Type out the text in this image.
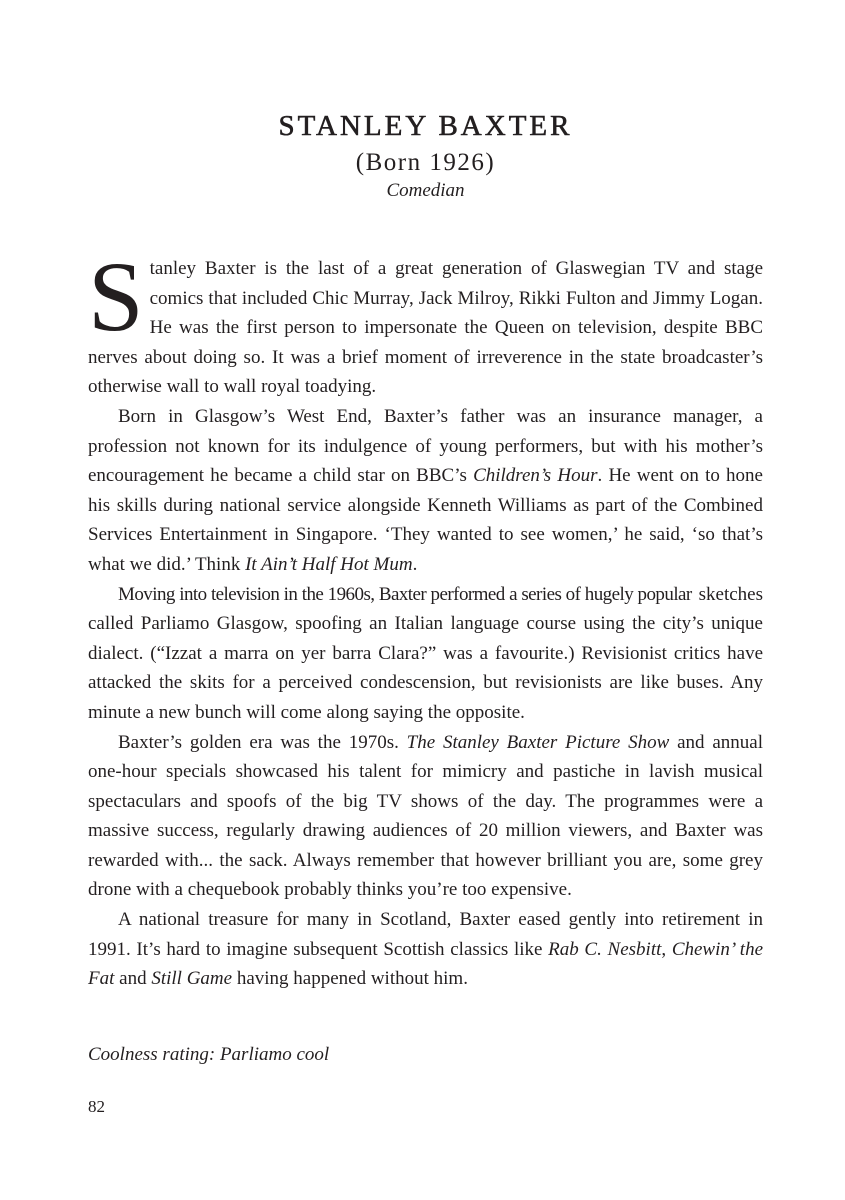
STANLEY BAXTER
(Born 1926)
Comedian

Stanley Baxter is the last of a great generation of Glaswegian TV and stage comics that included Chic Murray, Jack Milroy, Rikki Fulton and Jimmy Logan. He was the first person to impersonate the Queen on television, despite BBC nerves about doing so. It was a brief moment of irreverence in the state broadcaster’s otherwise wall to wall royal toadying.

Born in Glasgow’s West End, Baxter’s father was an insurance manager, a profession not known for its indulgence of young performers, but with his mother’s encouragement he became a child star on BBC’s Children’s Hour. He went on to hone his skills during national service alongside Kenneth Williams as part of the Combined Services Entertainment in Singapore. ‘They wanted to see women,’ he said, ‘so that’s what we did.’ Think It Ain’t Half Hot Mum.

Moving into television in the 1960s, Baxter performed a series of hugely popular sketches called Parliamo Glasgow, spoofing an Italian language course using the city’s unique dialect. (“Izzat a marra on yer barra Clara?” was a favourite.) Revisionist critics have attacked the skits for a perceived condescension, but revisionists are like buses. Any minute a new bunch will come along saying the opposite.

Baxter’s golden era was the 1970s. The Stanley Baxter Picture Show and annual one-hour specials showcased his talent for mimicry and pastiche in lavish musical spectaculars and spoofs of the big TV shows of the day. The programmes were a massive success, regularly drawing audiences of 20 million viewers, and Baxter was rewarded with... the sack. Always remember that however brilliant you are, some grey drone with a chequebook probably thinks you’re too expensive.

A national treasure for many in Scotland, Baxter eased gently into retirement in 1991. It’s hard to imagine subsequent Scottish classics like Rab C. Nesbitt, Chewin’ the Fat and Still Game having happened without him.

Coolness rating: Parliamo cool
82
